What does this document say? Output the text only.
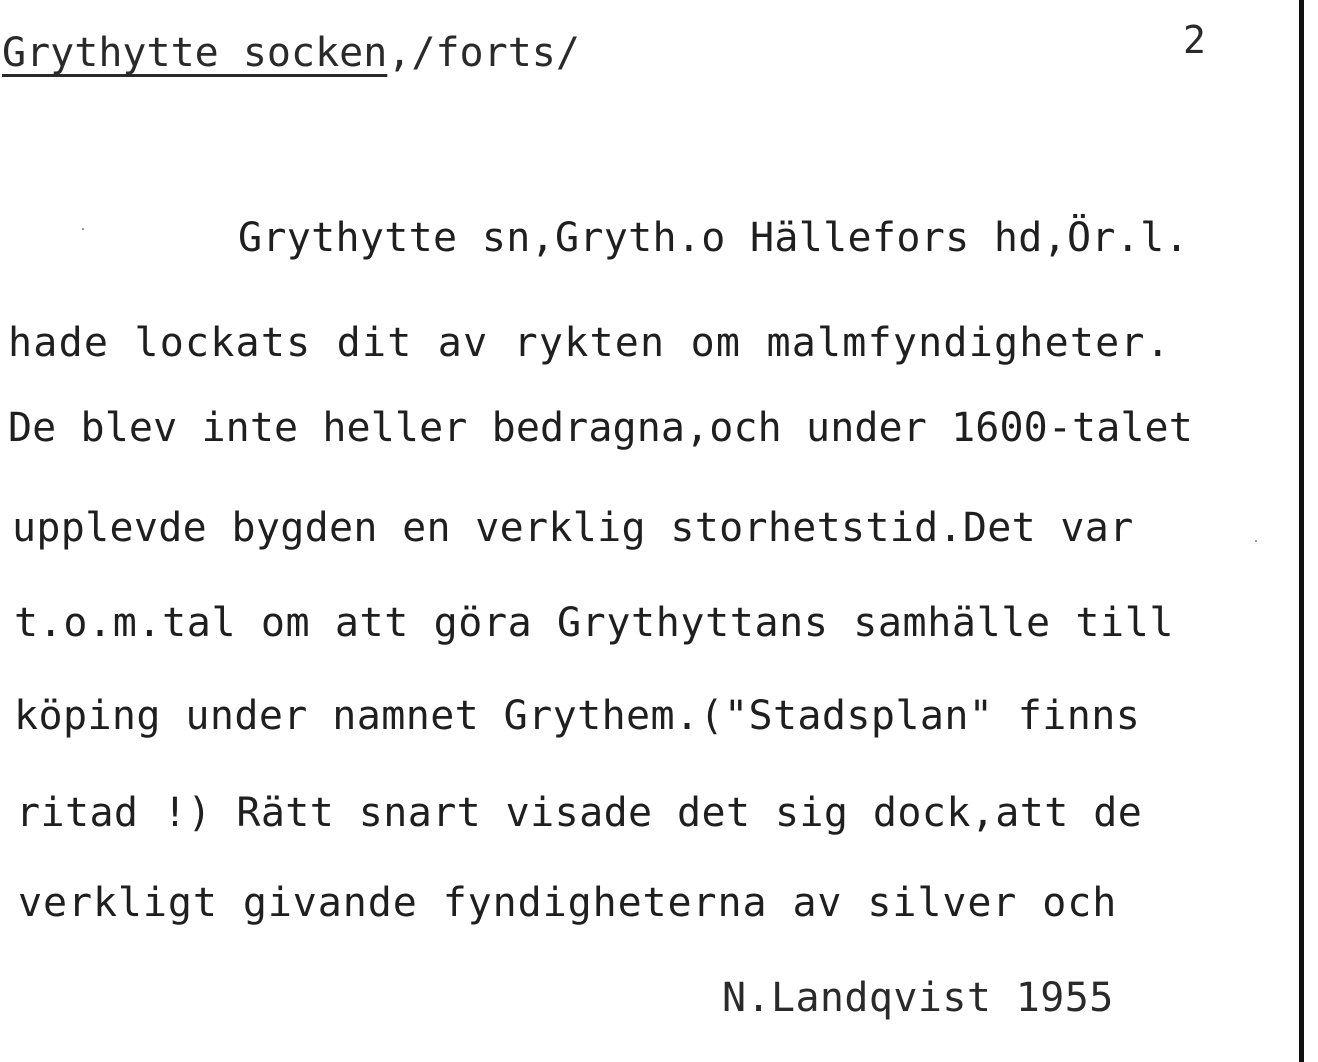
Grythytte socken,/forts/	2
Grythytte sn,Gryth.o Hällefors hd,Ör.l.
hade lockats dit av rykten om malmfyndigheter.
De blev inte heller bedragna,och under 1600-talet
upplevde bygden en verklig storhetstid.Det var
t.o.m.tal om att göra Grythyttans samhälle till
köping under namnet Grythem.("Stadsplan" finns
ritad !) Rätt snart visade det sig dock,att de
verkligt givande fyndigheterna av silver och
N.Landqvist 1955
